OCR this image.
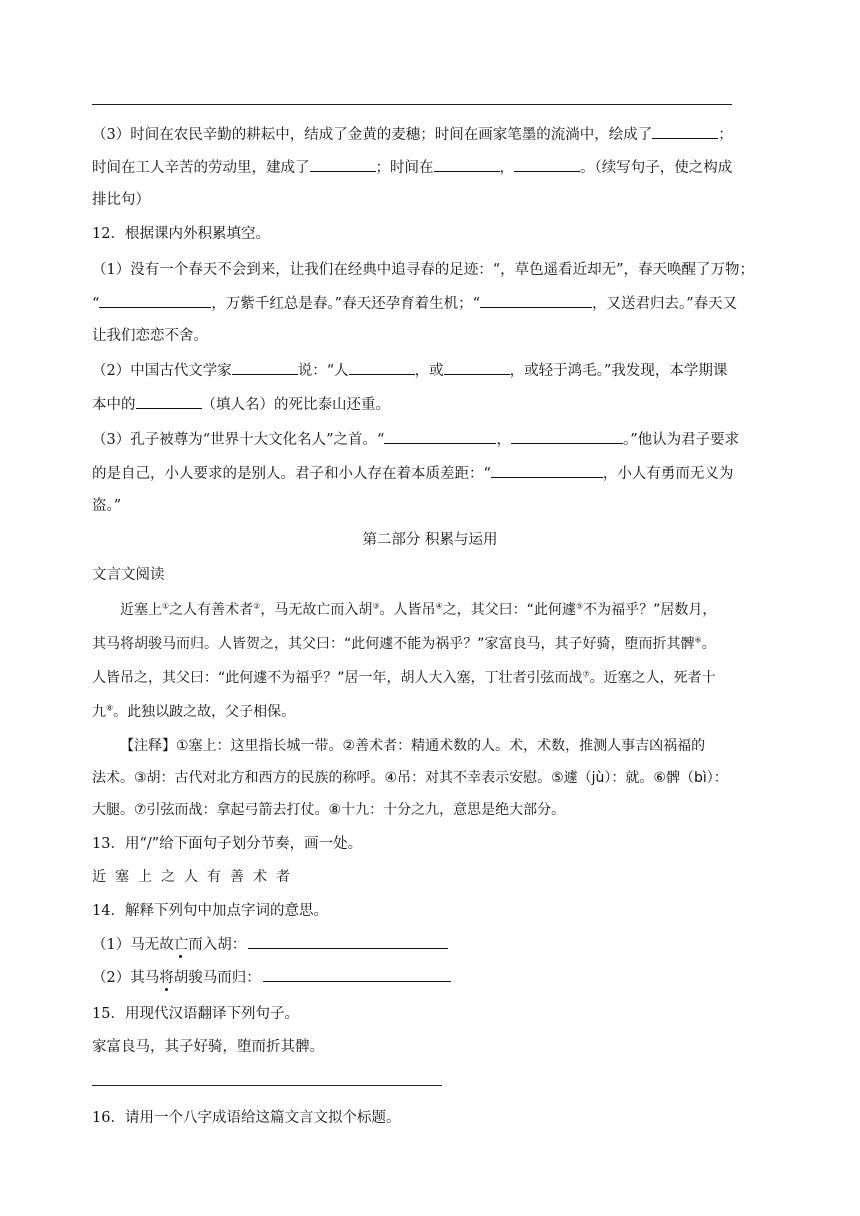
（3）时间在农民辛勤的耕耘中，结成了金黄的麦穗；时间在画家笔墨的流淌中，绘成了	；
时间在工人辛苦的劳动里，建成了	；时间在	，	。（续写句子，使之构成
排比句）
12．根据课内外积累填空。
（1）没有一个春天不会到来，让我们在经典中追寻春的足迹：“，草色遥看近却无”，春天唤醒了万物；
“	，万紫千红总是春。”春天还孕育着生机；“	，又送君归去。”春天又
让我们恋恋不舍。
（2）中国古代文学家	说：“人	，或	，或轻于鸿毛。”我发现，本学期课
本中的	（填人名）的死比泰山还重。
（3）孔子被尊为“世界十大文化名人”之首。“	，	。”他认为君子要求
的是自己，小人要求的是别人。君子和小人存在着本质差距：“	，小人有勇而无义为
盗。”
第二部分 积累与运用
文言文阅读
近塞上①之人有善术者②，马无故亡而入胡③。人皆吊④之，其父曰：“此何遽⑤不为福乎？”居数月，
其马将胡骏马而归。人皆贺之，其父曰：“此何遽不能为祸乎？”家富良马，其子好骑，堕而折其髀⑥。
人皆吊之，其父曰：“此何遽不为福乎？”居一年，胡人大入塞，丁壮者引弦而战⑦。近塞之人，死者十
九⑧。此独以跛之故，父子相保。
【注释】①塞上：这里指长城一带。②善术者：精通术数的人。术，术数，推测人事吉凶祸福的
法术。③胡：古代对北方和西方的民族的称呼。④吊：对其不幸表示安慰。⑤遽（jù）：就。⑥髀（bì）：
大腿。⑦引弦而战：拿起弓箭去打仗。⑧十九：十分之九，意思是绝大部分。
13．用“/”给下面句子划分节奏，画一处。
近塞上之人有善术者
14．解释下列句中加点字词的意思。
（1）马无故亡而入胡：
（2）其马将胡骏马而归：
15．用现代汉语翻译下列句子。
家富良马，其子好骑，堕而折其髀。
16．请用一个八字成语给这篇文言文拟个标题。
